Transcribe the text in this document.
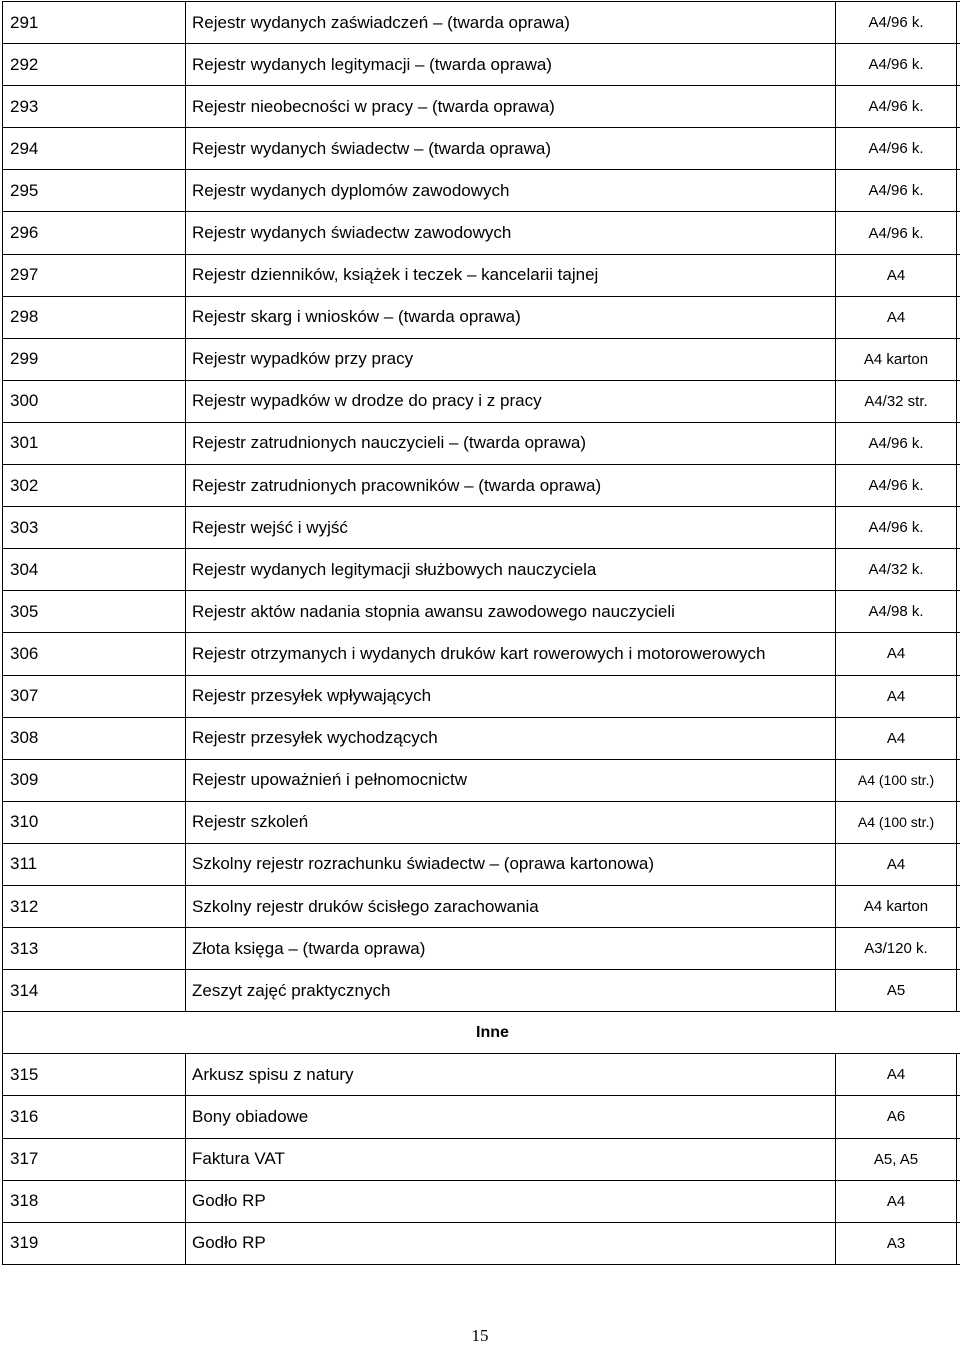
291	Rejestr wydanych zaświadczeń – (twarda oprawa)	A4/96 k.	
292	Rejestr wydanych legitymacji – (twarda oprawa)	A4/96 k.	
293	Rejestr nieobecności w pracy – (twarda oprawa)	A4/96 k.	
294	Rejestr wydanych świadectw – (twarda oprawa)	A4/96 k.	
295	Rejestr wydanych dyplomów zawodowych	A4/96 k.	
296	Rejestr wydanych świadectw zawodowych	A4/96 k.	
297	Rejestr dzienników, książek i teczek – kancelarii tajnej	A4	
298	Rejestr skarg i wniosków – (twarda oprawa)	A4	
299	Rejestr wypadków przy pracy	A4 karton	
300	Rejestr wypadków w drodze do pracy i z pracy	A4/32 str.	
301	Rejestr zatrudnionych nauczycieli – (twarda oprawa)	A4/96 k.	
302	Rejestr zatrudnionych pracowników – (twarda oprawa)	A4/96 k.	
303	Rejestr wejść i wyjść	A4/96 k.	
304	Rejestr wydanych legitymacji służbowych nauczyciela	A4/32 k.	
305	Rejestr aktów nadania stopnia awansu zawodowego nauczycieli	A4/98 k.	
306	Rejestr otrzymanych i wydanych druków kart rowerowych i motorowerowych	A4	
307	Rejestr przesyłek wpływających	A4	
308	Rejestr przesyłek wychodzących	A4	
309	Rejestr upoważnień i pełnomocnictw	A4 (100 str.)	
310	Rejestr szkoleń	A4 (100 str.)	
311	Szkolny rejestr rozrachunku świadectw – (oprawa kartonowa)	A4	
312	Szkolny rejestr druków ścisłego zarachowania	A4 karton	
313	Złota księga – (twarda oprawa)	A3/120 k.	
314	Zeszyt zajęć praktycznych	A5	
Inne			
315	Arkusz spisu z natury	A4	
316	Bony obiadowe	A6	
317	Faktura VAT	A5, A5	
318	Godło RP	A4	
319	Godło RP	A3	
15
